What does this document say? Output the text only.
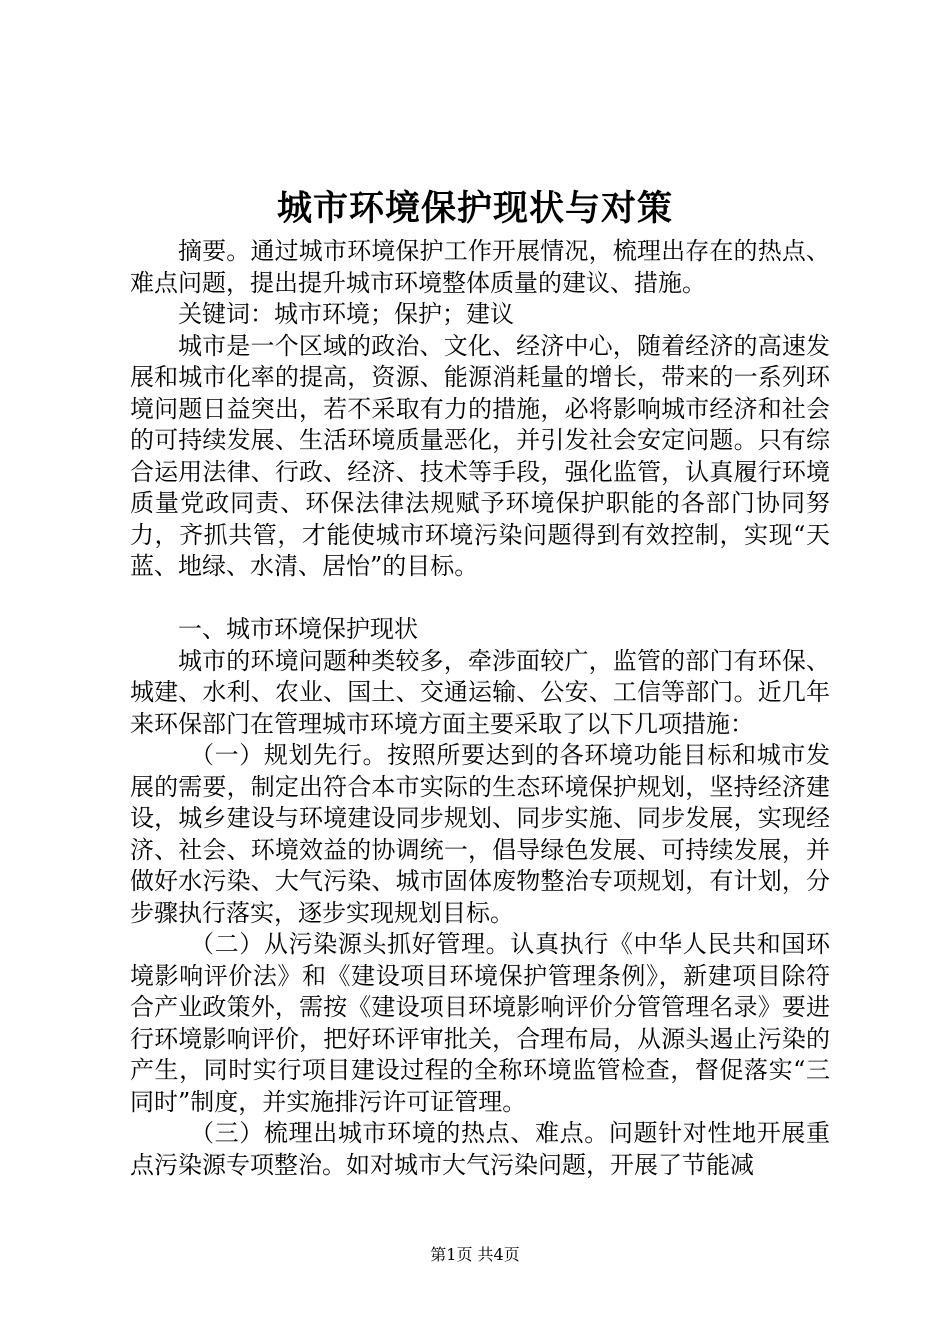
城市环境保护现状与对策

摘要。通过城市环境保护工作开展情况，梳理出存在的热点、难点问题，提出提升城市环境整体质量的建议、措施。

关键词：城市环境；保护；建议

城市是一个区域的政治、文化、经济中心，随着经济的高速发展和城市化率的提高，资源、能源消耗量的增长，带来的一系列环境问题日益突出，若不采取有力的措施，必将影响城市经济和社会的可持续发展、生活环境质量恶化，并引发社会安定问题。只有综合运用法律、行政、经济、技术等手段，强化监管，认真履行环境质量党政同责、环保法律法规赋予环境保护职能的各部门协同努力，齐抓共管，才能使城市环境污染问题得到有效控制，实现“天蓝、地绿、水清、居怡”的目标。

一、城市环境保护现状

城市的环境问题种类较多，牵涉面较广，监管的部门有环保、城建、水利、农业、国土、交通运输、公安、工信等部门。近几年来环保部门在管理城市环境方面主要采取了以下几项措施：

（一）规划先行。按照所要达到的各环境功能目标和城市发展的需要，制定出符合本市实际的生态环境保护规划，坚持经济建设，城乡建设与环境建设同步规划、同步实施、同步发展，实现经济、社会、环境效益的协调统一，倡导绿色发展、可持续发展，并做好水污染、大气污染、城市固体废物整治专项规划，有计划，分步骤执行落实，逐步实现规划目标。

（二）从污染源头抓好管理。认真执行《中华人民共和国环境影响评价法》和《建设项目环境保护管理条例》，新建项目除符合产业政策外，需按《建设项目环境影响评价分管管理名录》要进行环境影响评价，把好环评审批关，合理布局，从源头遏止污染的产生，同时实行项目建设过程的全称环境监管检查，督促落实“三同时”制度，并实施排污许可证管理。

（三）梳理出城市环境的热点、难点。问题针对性地开展重点污染源专项整治。如对城市大气污染问题，开展了节能减

第1页 共4页
